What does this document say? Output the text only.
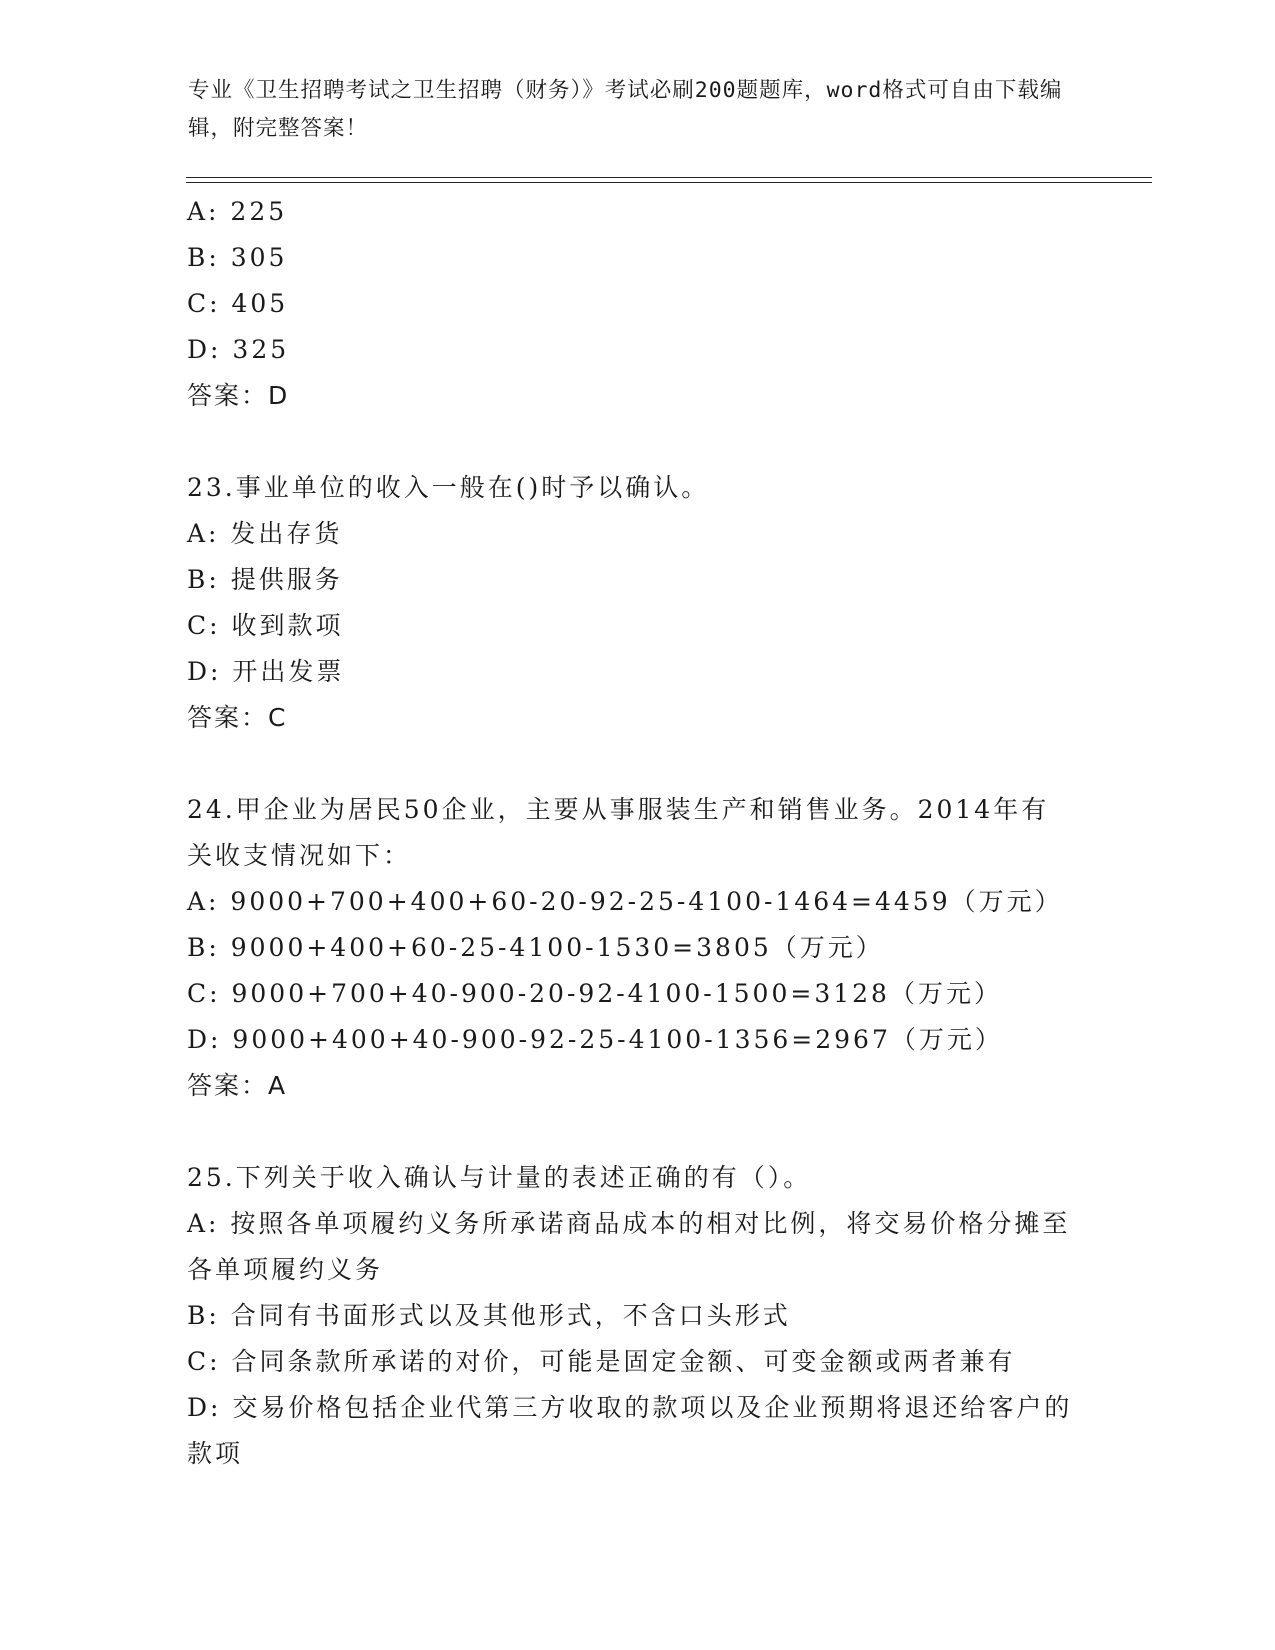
专业《卫生招聘考试之卫生招聘（财务）》考试必刷200题题库，word格式可自由下载编辑，附完整答案！
A: 225
B: 305
C: 405
D: 325
答案：D
23.事业单位的收入一般在()时予以确认。
A: 发出存货
B: 提供服务
C: 收到款项
D: 开出发票
答案：C
24.甲企业为居民50企业，主要从事服装生产和销售业务。2014年有关收支情况如下：
A: 9000+700+400+60-20-92-25-4100-1464=4459（万元）
B: 9000+400+60-25-4100-1530=3805（万元）
C: 9000+700+40-900-20-92-4100-1500=3128（万元）
D: 9000+400+40-900-92-25-4100-1356=2967（万元）
答案：A
25.下列关于收入确认与计量的表述正确的有（）。
A: 按照各单项履约义务所承诺商品成本的相对比例，将交易价格分摊至各单项履约义务
B: 合同有书面形式以及其他形式，不含口头形式
C: 合同条款所承诺的对价，可能是固定金额、可变金额或两者兼有
D: 交易价格包括企业代第三方收取的款项以及企业预期将退还给客户的款项
